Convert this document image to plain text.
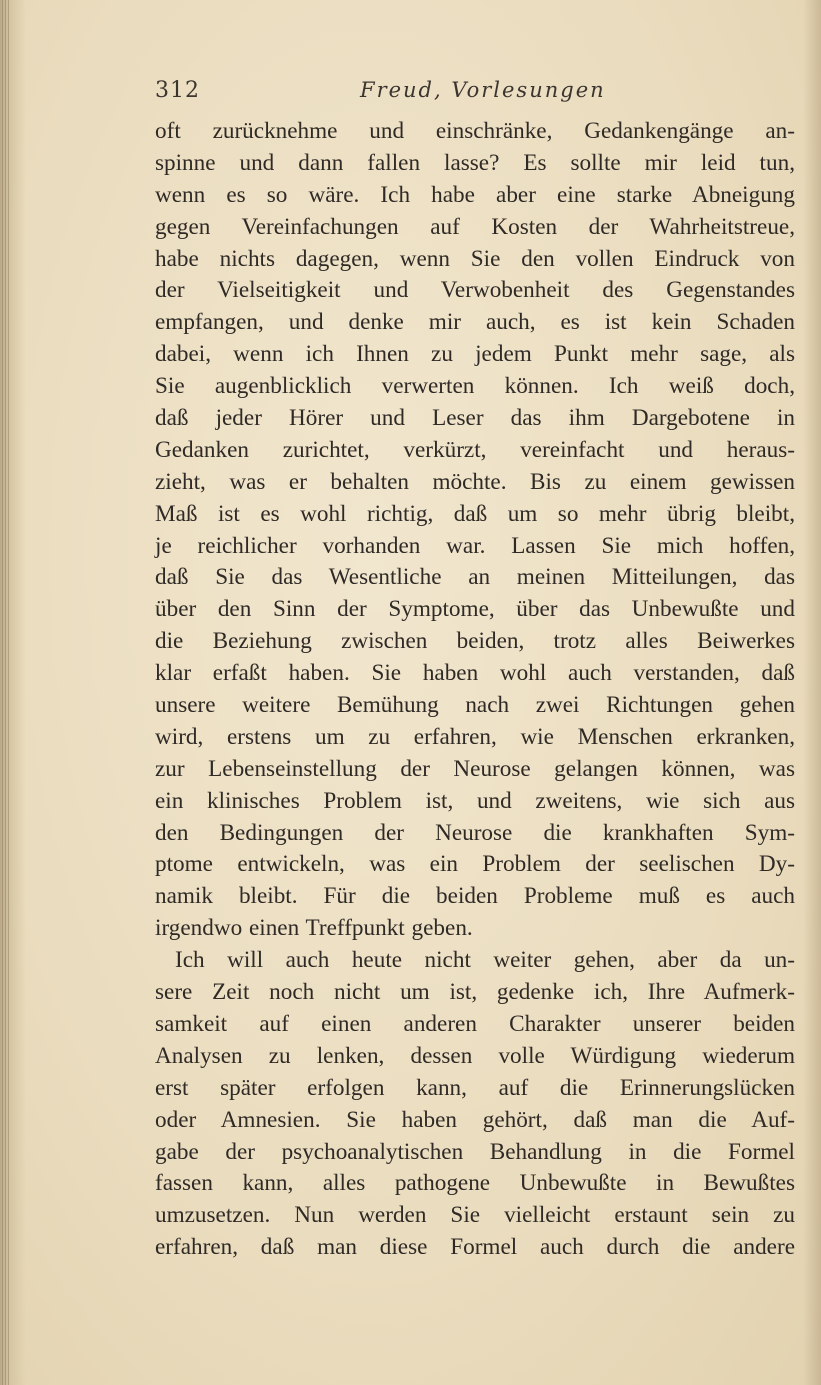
312	Freud, Vorlesungen
oft zurücknehme und einschränke, Gedankengänge an-
spinne und dann fallen lasse? Es sollte mir leid tun,
wenn es so wäre. Ich habe aber eine starke Abneigung
gegen Vereinfachungen auf Kosten der Wahrheitstreue,
habe nichts dagegen, wenn Sie den vollen Eindruck von
der Vielseitigkeit und Verwobenheit des Gegenstandes
empfangen, und denke mir auch, es ist kein Schaden
dabei, wenn ich Ihnen zu jedem Punkt mehr sage, als
Sie augenblicklich verwerten können. Ich weiß doch,
daß jeder Hörer und Leser das ihm Dargebotene in
Gedanken zurichtet, verkürzt, vereinfacht und heraus-
zieht, was er behalten möchte. Bis zu einem gewissen
Maß ist es wohl richtig, daß um so mehr übrig bleibt,
je reichlicher vorhanden war. Lassen Sie mich hoffen,
daß Sie das Wesentliche an meinen Mitteilungen, das
über den Sinn der Symptome, über das Unbewußte und
die Beziehung zwischen beiden, trotz alles Beiwerkes
klar erfaßt haben. Sie haben wohl auch verstanden, daß
unsere weitere Bemühung nach zwei Richtungen gehen
wird, erstens um zu erfahren, wie Menschen erkranken,
zur Lebenseinstellung der Neurose gelangen können, was
ein klinisches Problem ist, und zweitens, wie sich aus
den Bedingungen der Neurose die krankhaften Sym-
ptome entwickeln, was ein Problem der seelischen Dy-
namik bleibt. Für die beiden Probleme muß es auch
irgendwo einen Treffpunkt geben.
Ich will auch heute nicht weiter gehen, aber da un-
sere Zeit noch nicht um ist, gedenke ich, Ihre Aufmerk-
samkeit auf einen anderen Charakter unserer beiden
Analysen zu lenken, dessen volle Würdigung wiederum
erst später erfolgen kann, auf die Erinnerungslücken
oder Amnesien. Sie haben gehört, daß man die Auf-
gabe der psychoanalytischen Behandlung in die Formel
fassen kann, alles pathogene Unbewußte in Bewußtes
umzusetzen. Nun werden Sie vielleicht erstaunt sein zu
erfahren, daß man diese Formel auch durch die andere
